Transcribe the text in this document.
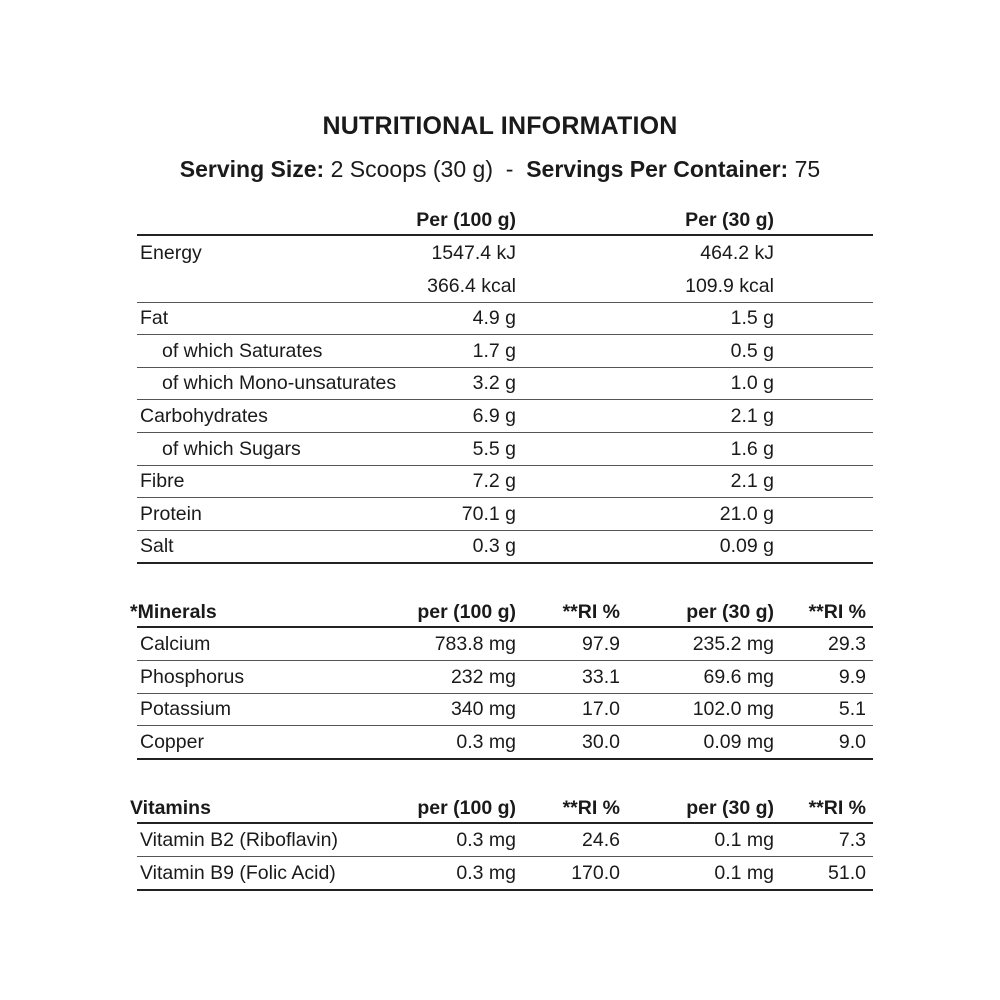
NUTRITIONAL INFORMATION
Serving Size: 2 Scoops (30 g)  -  Servings Per Container: 75
Per (100 g)	Per (30 g)
Energy	1547.4 kJ	464.2 kJ
366.4 kcal	109.9 kcal
Fat	4.9 g	1.5 g
of which Saturates	1.7 g	0.5 g
of which Mono-unsaturates	3.2 g	1.0 g
Carbohydrates	6.9 g	2.1 g
of which Sugars	5.5 g	1.6 g
Fibre	7.2 g	2.1 g
Protein	70.1 g	21.0 g
Salt	0.3 g	0.09 g
*Minerals	per (100 g)	**RI %	per (30 g)	**RI %
Calcium	783.8 mg	97.9	235.2 mg	29.3
Phosphorus	232 mg	33.1	69.6 mg	9.9
Potassium	340 mg	17.0	102.0 mg	5.1
Copper	0.3 mg	30.0	0.09 mg	9.0
Vitamins	per (100 g)	**RI %	per (30 g)	**RI %
Vitamin B2 (Riboflavin)	0.3 mg	24.6	0.1 mg	7.3
Vitamin B9 (Folic Acid)	0.3 mg	170.0	0.1 mg	51.0
